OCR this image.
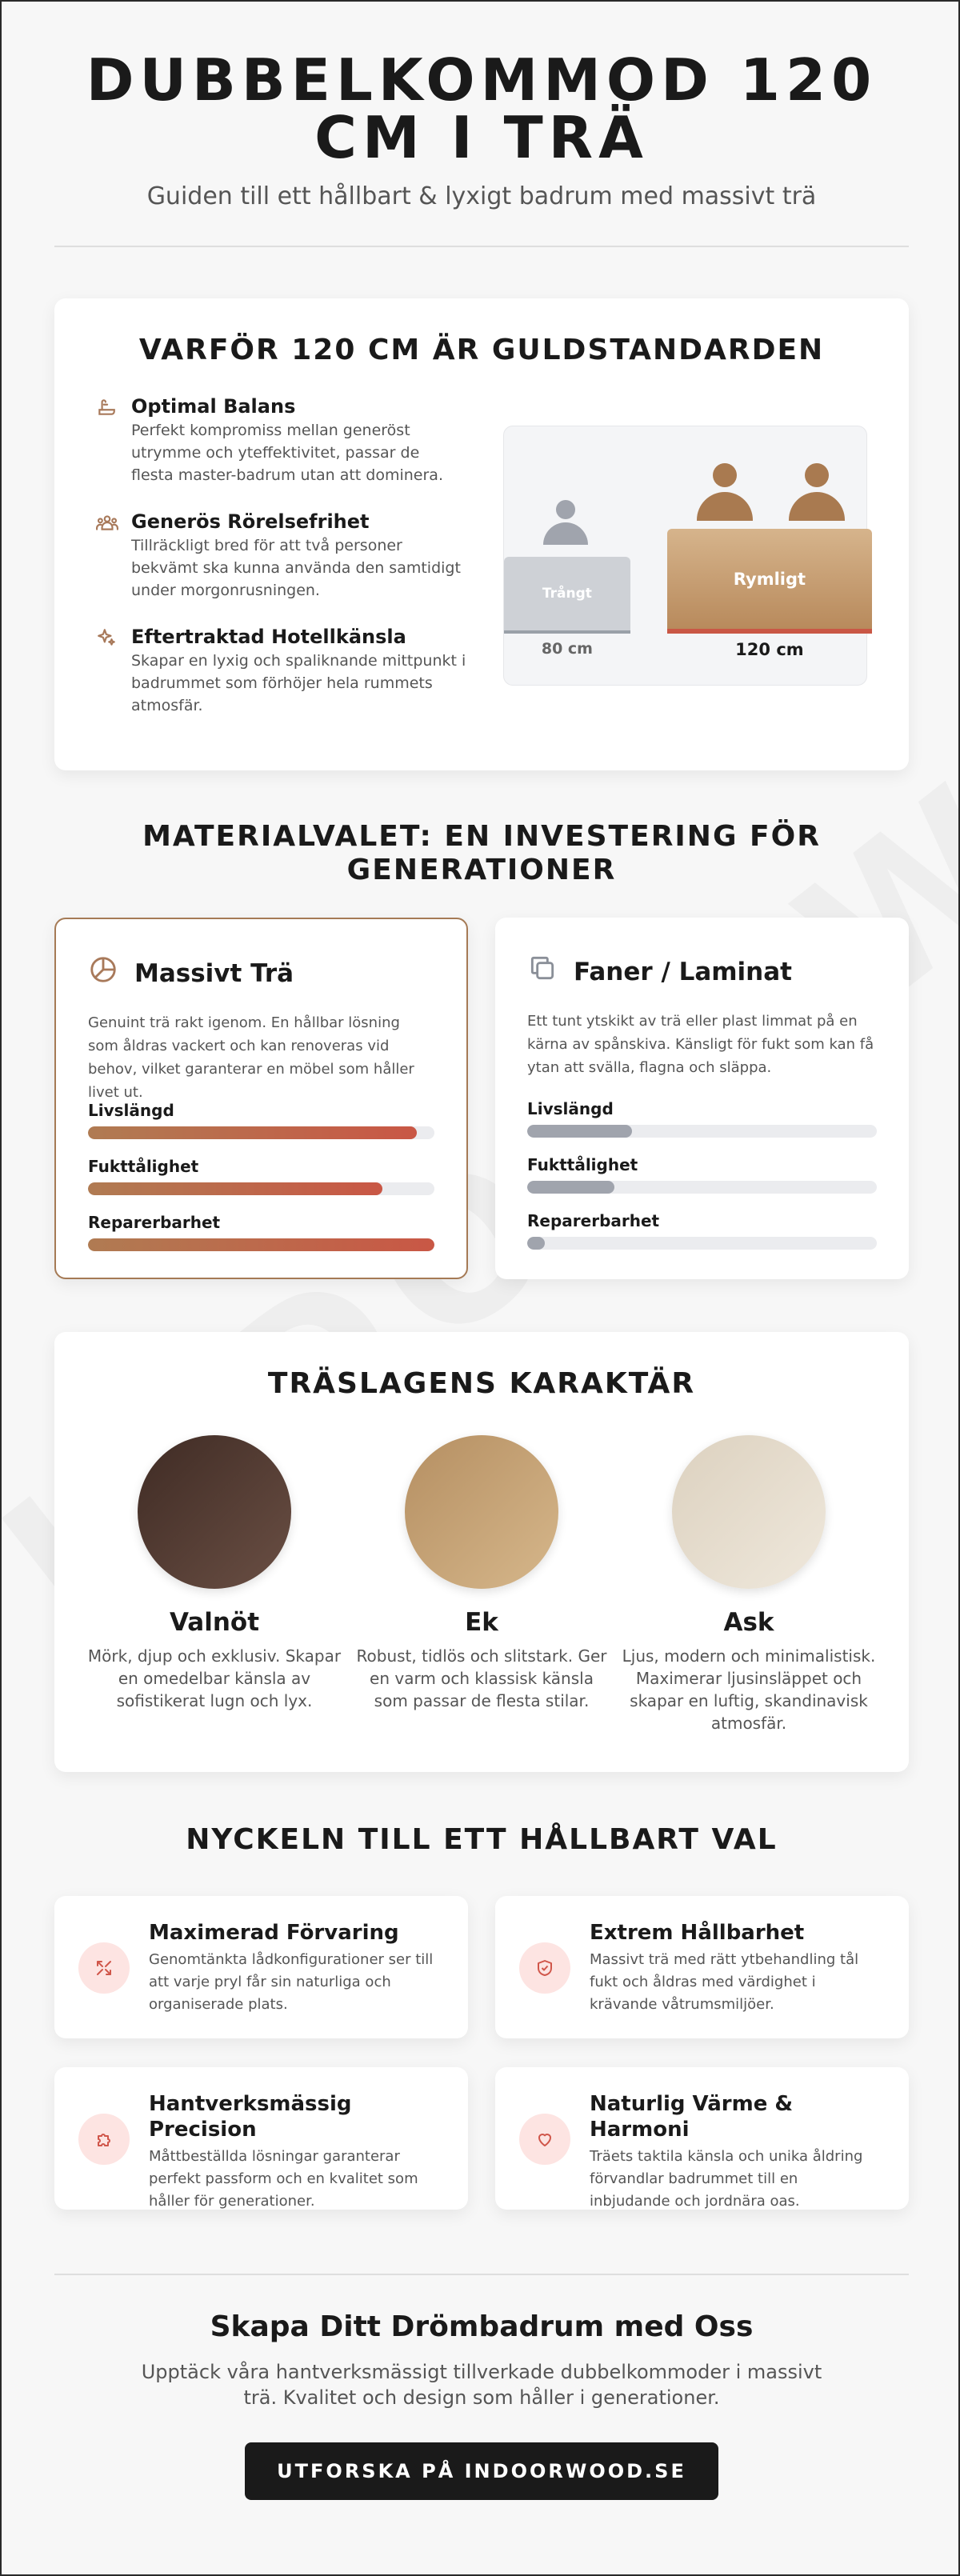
DUBBELKOMMOD 120
CM I TRÄ
Guiden till ett hållbart & lyxigt badrum med massivt trä
VARFÖR 120 CM ÄR GULDSTANDARDEN
Optimal Balans

Perfekt kompromiss mellan generöst utrymme och yteffektivitet, passar de flesta master-badrum utan att dominera.

Generös Rörelsefrihet

Tillräckligt bred för att två personer bekvämt ska kunna använda den samtidigt under morgonrusningen.

Eftertraktad Hotellkänsla

Skapar en lyxig och spaliknande mittpunkt i badrummet som förhöjer hela rummets atmosfär.

Trångt
Rymligt
80 cm	120 cm
MATERIALVALET: EN INVESTERING FÖR
GENERATIONER
Massivt Trä

Genuint trä rakt igenom. En hållbar lösning som åldras vackert och kan renoveras vid behov, vilket garanterar en möbel som håller livet ut.

Livslängd
Fukttålighet
Reparerbarhet
Faner / Laminat

Ett tunt ytskikt av trä eller plast limmat på en kärna av spånskiva. Känsligt för fukt som kan få ytan att svälla, flagna och släppa.

Livslängd
Fukttålighet
Reparerbarhet
TRÄSLAGENS KARAKTÄR
Valnöt

Mörk, djup och exklusiv. Skapar en omedelbar känsla av sofistikerat lugn och lyx.

Ek

Robust, tidlös och slitstark. Ger en varm och klassisk känsla som passar de flesta stilar.

Ask

Ljus, modern och minimalistisk. Maximerar ljusinsläppet och skapar en luftig, skandinavisk atmosfär.

NYCKELN TILL ETT HÅLLBART VAL
Maximerad Förvaring

Genomtänkta lådkonfigurationer ser till att varje pryl får sin naturliga och organiserade plats.

Extrem Hållbarhet

Massivt trä med rätt ytbehandling tål fukt och åldras med värdighet i krävande våtrumsmiljöer.

Hantverksmässig Precision

Måttbeställda lösningar garanterar perfekt passform och en kvalitet som håller för generationer.

Naturlig Värme & Harmoni

Träets taktila känsla och unika åldring förvandlar badrummet till en inbjudande och jordnära oas.

Skapa Ditt Drömbadrum med Oss

Upptäck våra hantverksmässigt tillverkade dubbelkommoder i massivt trä. Kvalitet och design som håller i generationer.

UTFORSKA PÅ INDOORWOOD.SE
